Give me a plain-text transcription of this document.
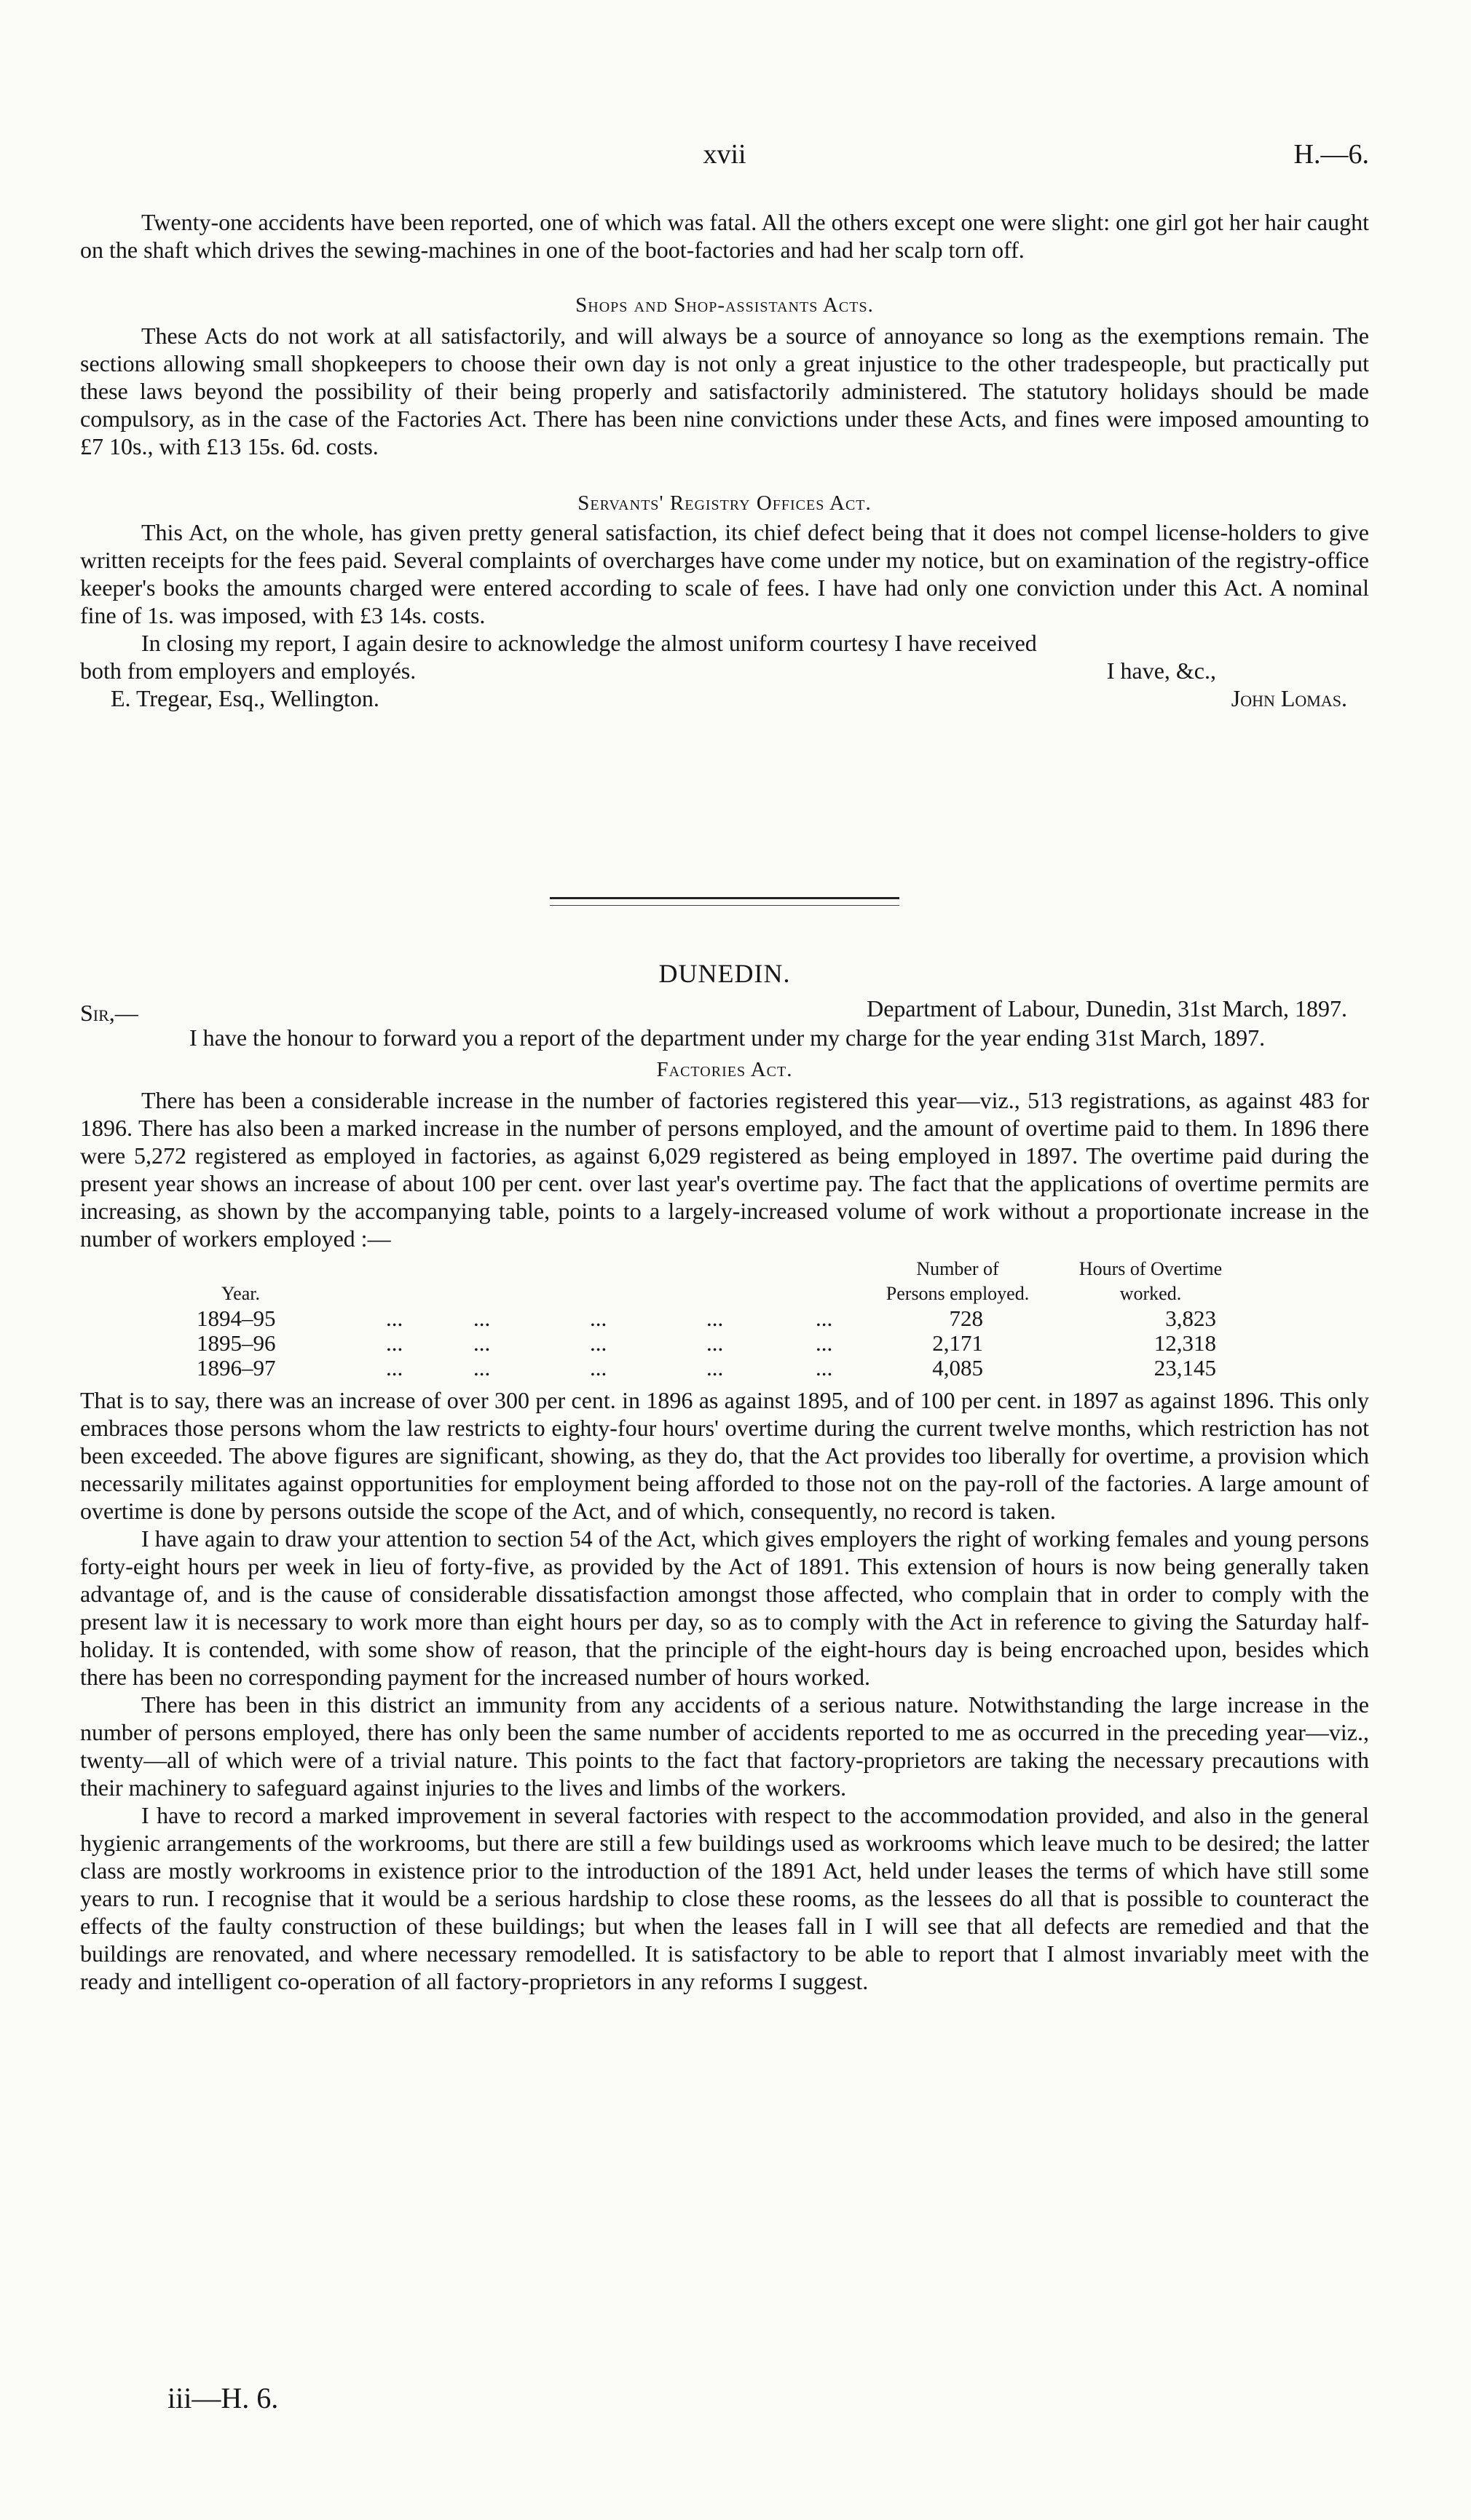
xvii	H.—6.

Twenty-one accidents have been reported, one of which was fatal. All the others except one were slight: one girl got her hair caught on the shaft which drives the sewing-machines in one of the boot-factories and had her scalp torn off.

Shops and Shop-assistants Acts.

These Acts do not work at all satisfactorily, and will always be a source of annoyance so long as the exemptions remain. The sections allowing small shopkeepers to choose their own day is not only a great injustice to the other tradespeople, but practically put these laws beyond the possibility of their being properly and satisfactorily administered. The statutory holidays should be made compulsory, as in the case of the Factories Act. There has been nine convictions under these Acts, and fines were imposed amounting to £7 10s., with £13 15s. 6d. costs.

Servants' Registry Offices Act.

This Act, on the whole, has given pretty general satisfaction, its chief defect being that it does not compel license-holders to give written receipts for the fees paid. Several complaints of overcharges have come under my notice, but on examination of the registry-office keeper's books the amounts charged were entered according to scale of fees. I have had only one conviction under this Act. A nominal fine of 1s. was imposed, with £3 14s. costs.

In closing my report, I again desire to acknowledge the almost uniform courtesy I have received

both from employers and employés.	I have, &c.,
E. Tregear, Esq., Wellington.	John Lomas.

DUNEDIN.

Sir,—	Department of Labour, Dunedin, 31st March, 1897.

I have the honour to forward you a report of the department under my charge for the year ending 31st March, 1897.

Factories Act.

There has been a considerable increase in the number of factories registered this year—viz., 513 registrations, as against 483 for 1896. There has also been a marked increase in the number of persons employed, and the amount of overtime paid to them. In 1896 there were 5,272 registered as employed in factories, as against 6,029 registered as being employed in 1897. The overtime paid during the present year shows an increase of about 100 per cent. over last year's overtime pay. The fact that the applications of overtime permits are increasing, as shown by the accompanying table, points to a largely-increased volume of work without a proportionate increase in the number of workers employed :—

Year.						Number of Persons employed.	Hours of Overtime worked.

1894–95	...	...	...	...	...	728	3,823
1895–96	...	...	...	...	...	2,171	12,318
1896–97	...	...	...	...	...	4,085	23,145

That is to say, there was an increase of over 300 per cent. in 1896 as against 1895, and of 100 per cent. in 1897 as against 1896. This only embraces those persons whom the law restricts to eighty-four hours' overtime during the current twelve months, which restriction has not been exceeded. The above figures are significant, showing, as they do, that the Act provides too liberally for overtime, a provision which necessarily militates against opportunities for employment being afforded to those not on the pay-roll of the factories. A large amount of overtime is done by persons outside the scope of the Act, and of which, consequently, no record is taken.

I have again to draw your attention to section 54 of the Act, which gives employers the right of working females and young persons forty-eight hours per week in lieu of forty-five, as provided by the Act of 1891. This extension of hours is now being generally taken advantage of, and is the cause of considerable dissatisfaction amongst those affected, who complain that in order to comply with the present law it is necessary to work more than eight hours per day, so as to comply with the Act in reference to giving the Saturday half-holiday. It is contended, with some show of reason, that the principle of the eight-hours day is being encroached upon, besides which there has been no corresponding payment for the increased number of hours worked.

There has been in this district an immunity from any accidents of a serious nature. Notwithstanding the large increase in the number of persons employed, there has only been the same number of accidents reported to me as occurred in the preceding year—viz., twenty—all of which were of a trivial nature. This points to the fact that factory-proprietors are taking the necessary precautions with their machinery to safeguard against injuries to the lives and limbs of the workers.

I have to record a marked improvement in several factories with respect to the accommodation provided, and also in the general hygienic arrangements of the workrooms, but there are still a few buildings used as workrooms which leave much to be desired; the latter class are mostly workrooms in existence prior to the introduction of the 1891 Act, held under leases the terms of which have still some years to run. I recognise that it would be a serious hardship to close these rooms, as the lessees do all that is possible to counteract the effects of the faulty construction of these buildings; but when the leases fall in I will see that all defects are remedied and that the buildings are renovated, and where necessary remodelled. It is satisfactory to be able to report that I almost invariably meet with the ready and intelligent co-operation of all factory-proprietors in any reforms I suggest.

iii—H. 6.
